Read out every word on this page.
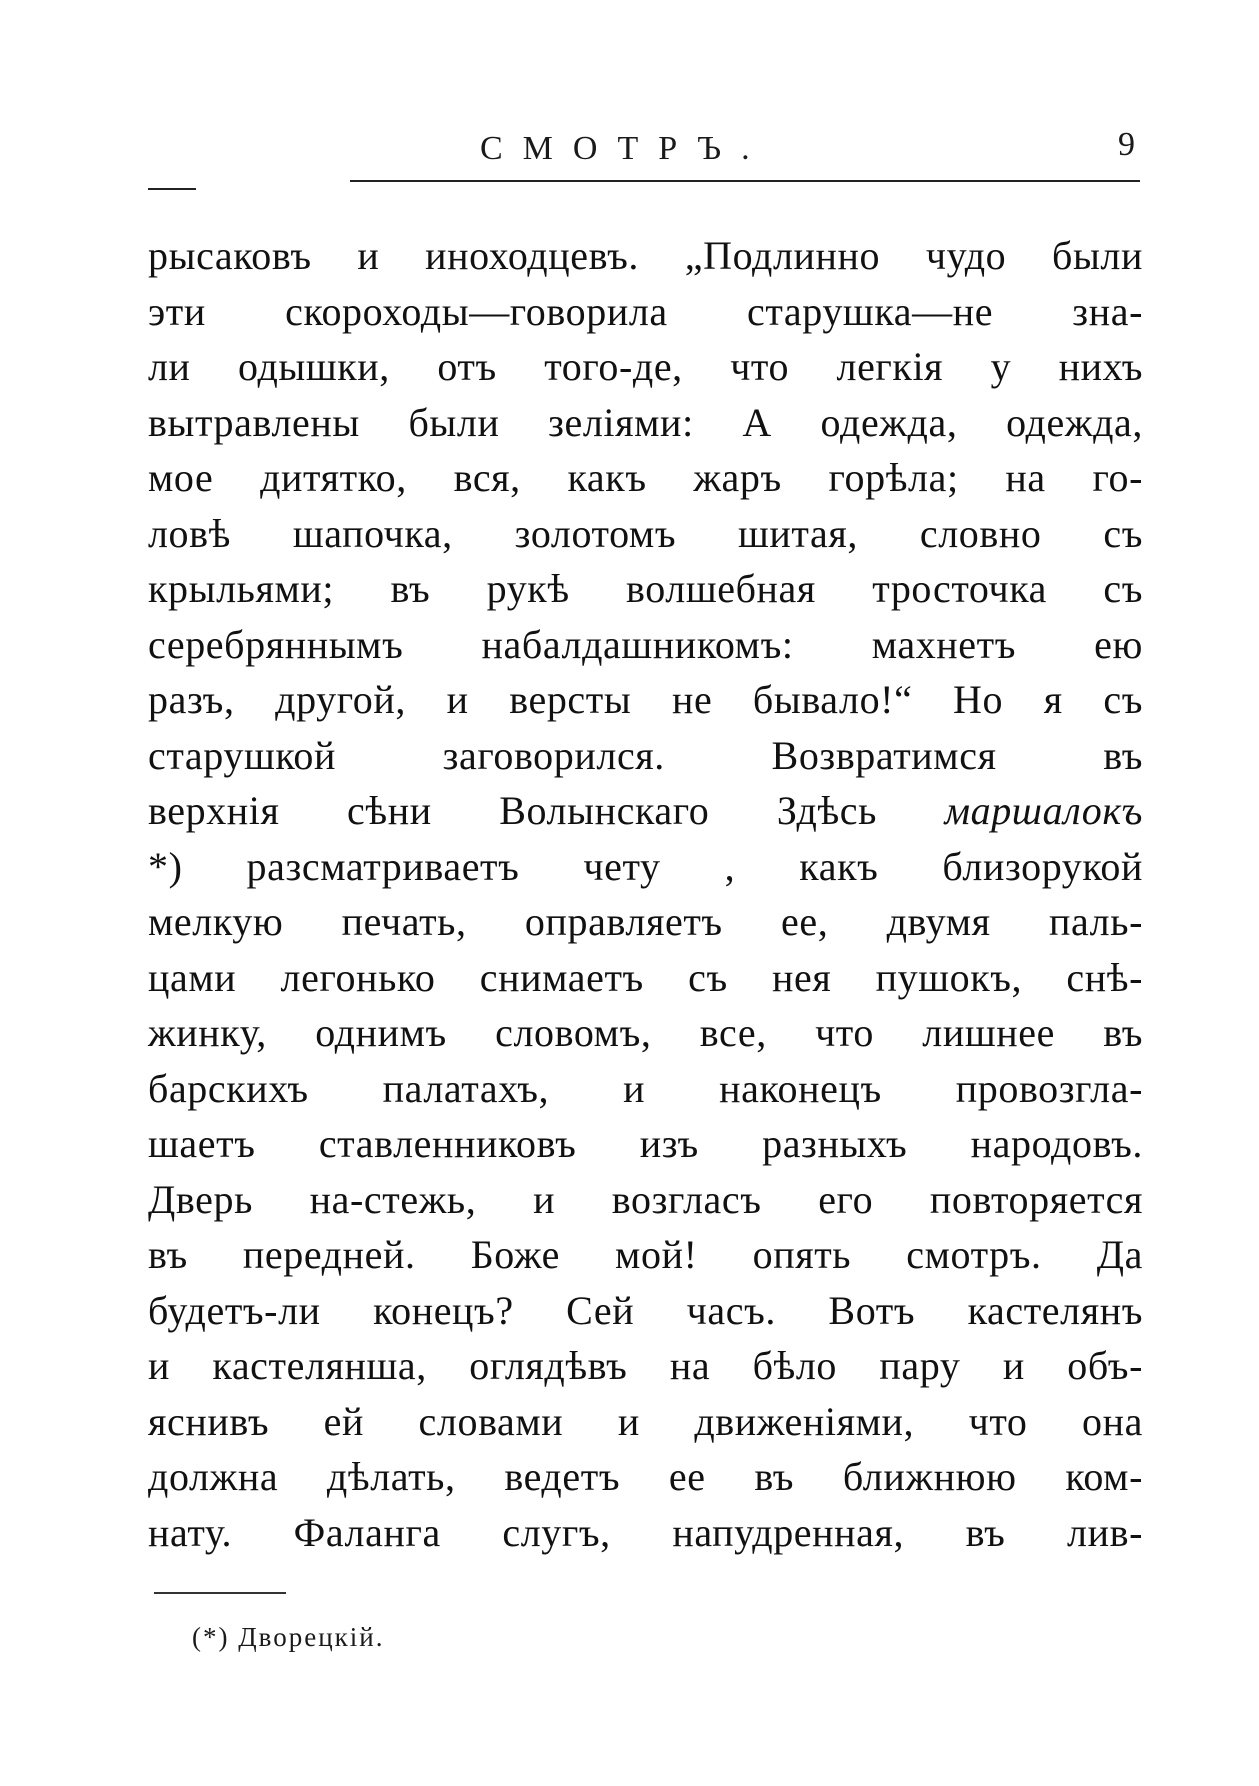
СМОТРЪ.	9
рысаковъ и иноходцевъ. „Подлинно чудо были
эти скороходы—говорила старушка—не зна-
ли одышки, отъ того-де, что легкія у нихъ
вытравлены были зеліями: А одежда, одежда,
мое дитятко, вся, какъ жаръ горѣла; на го-
ловѣ шапочка, золотомъ шитая, словно съ
крыльями; въ рукѣ волшебная тросточка съ
серебряннымъ набалдашникомъ: махнетъ ею
разъ, другой, и версты не бывало!“ Но я съ
старушкой заговорился. Возвратимся въ
верхнія сѣни Волынскаго Здѣсь маршалокъ
*) разсматриваетъ чету , какъ близорукой
мелкую печать, оправляетъ ее, двумя паль-
цами легонько снимаетъ съ нея пушокъ, снѣ-
жинку, однимъ словомъ, все, что лишнее въ
барскихъ палатахъ, и наконецъ провозгла-
шаетъ ставленниковъ изъ разныхъ народовъ.
Дверь на-стежь, и возгласъ его повторяется
въ передней. Боже мой! опять смотръ. Да
будетъ-ли конецъ? Сей часъ. Вотъ кастелянъ
и кастелянша, оглядѣвъ на бѣло пару и объ-
яснивъ ей словами и движеніями, что она
должна дѣлать, ведетъ ее въ ближнюю ком-
нату. Фаланга слугъ, напудренная, въ лив-
(*) Дворецкій.
